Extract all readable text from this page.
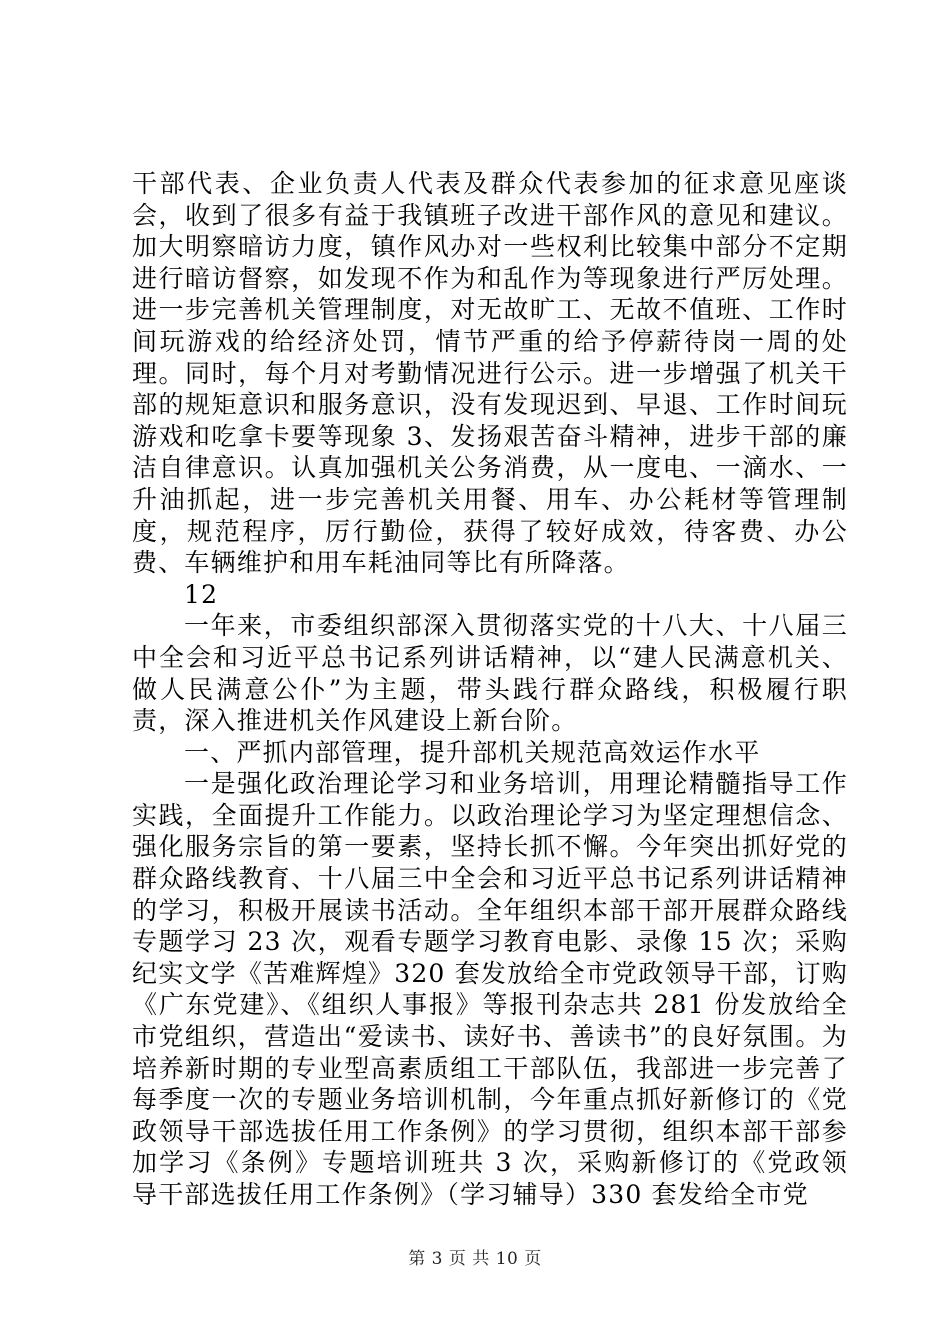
干部代表、企业负责人代表及群众代表参加的征求意见座谈会，收到了很多有益于我镇班子改进干部作风的意见和建议。加大明察暗访力度，镇作风办对一些权利比较集中部分不定期进行暗访督察，如发现不作为和乱作为等现象进行严厉处理。进一步完善机关管理制度，对无故旷工、无故不值班、工作时间玩游戏的给经济处罚，情节严重的给予停薪待岗一周的处理。同时，每个月对考勤情况进行公示。进一步增强了机关干部的规矩意识和服务意识，没有发现迟到、早退、工作时间玩游戏和吃拿卡要等现象 3、发扬艰苦奋斗精神，进步干部的廉洁自律意识。认真加强机关公务消费，从一度电、一滴水、一升油抓起，进一步完善机关用餐、用车、办公耗材等管理制度，规范程序，厉行勤俭，获得了较好成效，待客费、办公费、车辆维护和用车耗油同等比有所降落。

12

一年来，市委组织部深入贯彻落实党的十八大、十八届三中全会和习近平总书记系列讲话精神，以“建人民满意机关、做人民满意公仆”为主题，带头践行群众路线，积极履行职责，深入推进机关作风建设上新台阶。

一、严抓内部管理，提升部机关规范高效运作水平

一是强化政治理论学习和业务培训，用理论精髓指导工作实践，全面提升工作能力。以政治理论学习为坚定理想信念、强化服务宗旨的第一要素，坚持长抓不懈。今年突出抓好党的群众路线教育、十八届三中全会和习近平总书记系列讲话精神的学习，积极开展读书活动。全年组织本部干部开展群众路线专题学习 23 次，观看专题学习教育电影、录像 15 次；采购纪实文学《苦难辉煌》320 套发放给全市党政领导干部，订购《广东党建》、《组织人事报》等报刊杂志共 281 份发放给全市党组织，营造出“爱读书、读好书、善读书”的良好氛围。为培养新时期的专业型高素质组工干部队伍，我部进一步完善了每季度一次的专题业务培训机制，今年重点抓好新修订的《党政领导干部选拔任用工作条例》的学习贯彻，组织本部干部参加学习《条例》专题培训班共 3 次，采购新修订的《党政领导干部选拔任用工作条例》（学习辅导）330 套发给全市党

第 3 页 共 10 页
